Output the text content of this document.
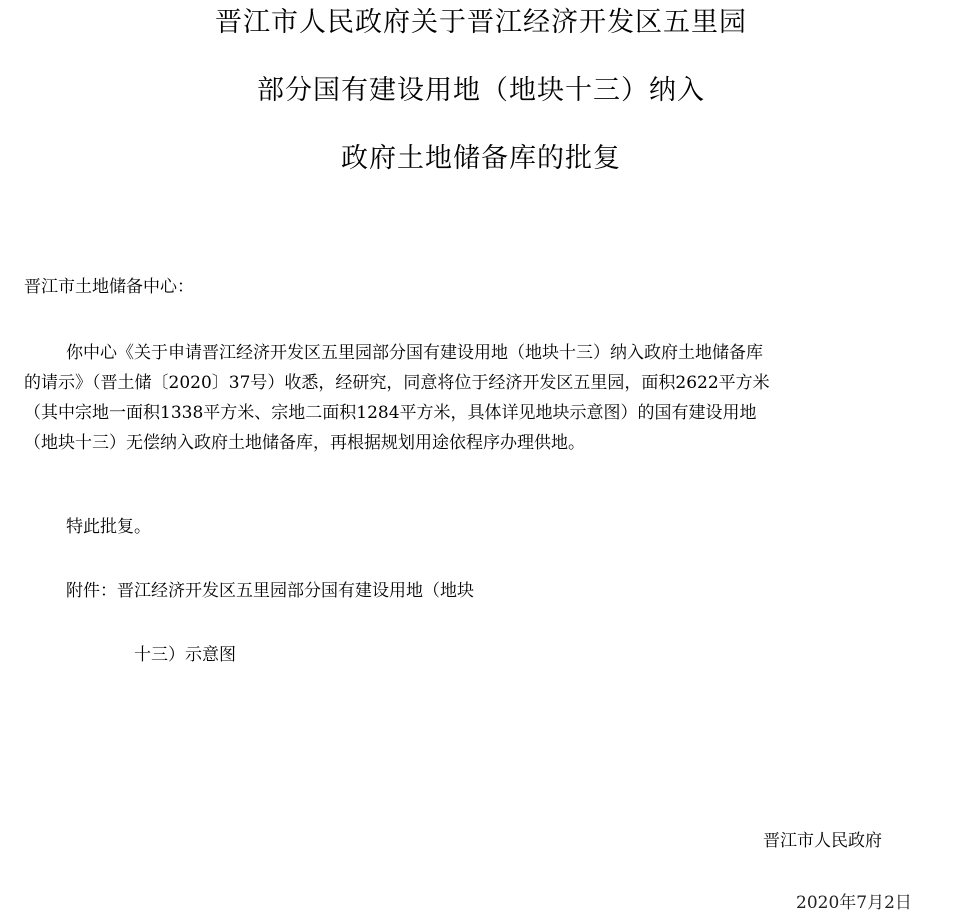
晋江市人民政府关于晋江经济开发区五里园
部分国有建设用地（地块十三）纳入
政府土地储备库的批复
晋江市土地储备中心：
你中心《关于申请晋江经济开发区五里园部分国有建设用地（地块十三）纳入政府土地储备库
的请示》（晋土储〔2020〕37号）收悉，经研究，同意将位于经济开发区五里园，面积2622平方米
（其中宗地一面积1338平方米、宗地二面积1284平方米，具体详见地块示意图）的国有建设用地
（地块十三）无偿纳入政府土地储备库，再根据规划用途依程序办理供地。
特此批复。
附件：晋江经济开发区五里园部分国有建设用地（地块
十三）示意图
晋江市人民政府
2020年7月2日
